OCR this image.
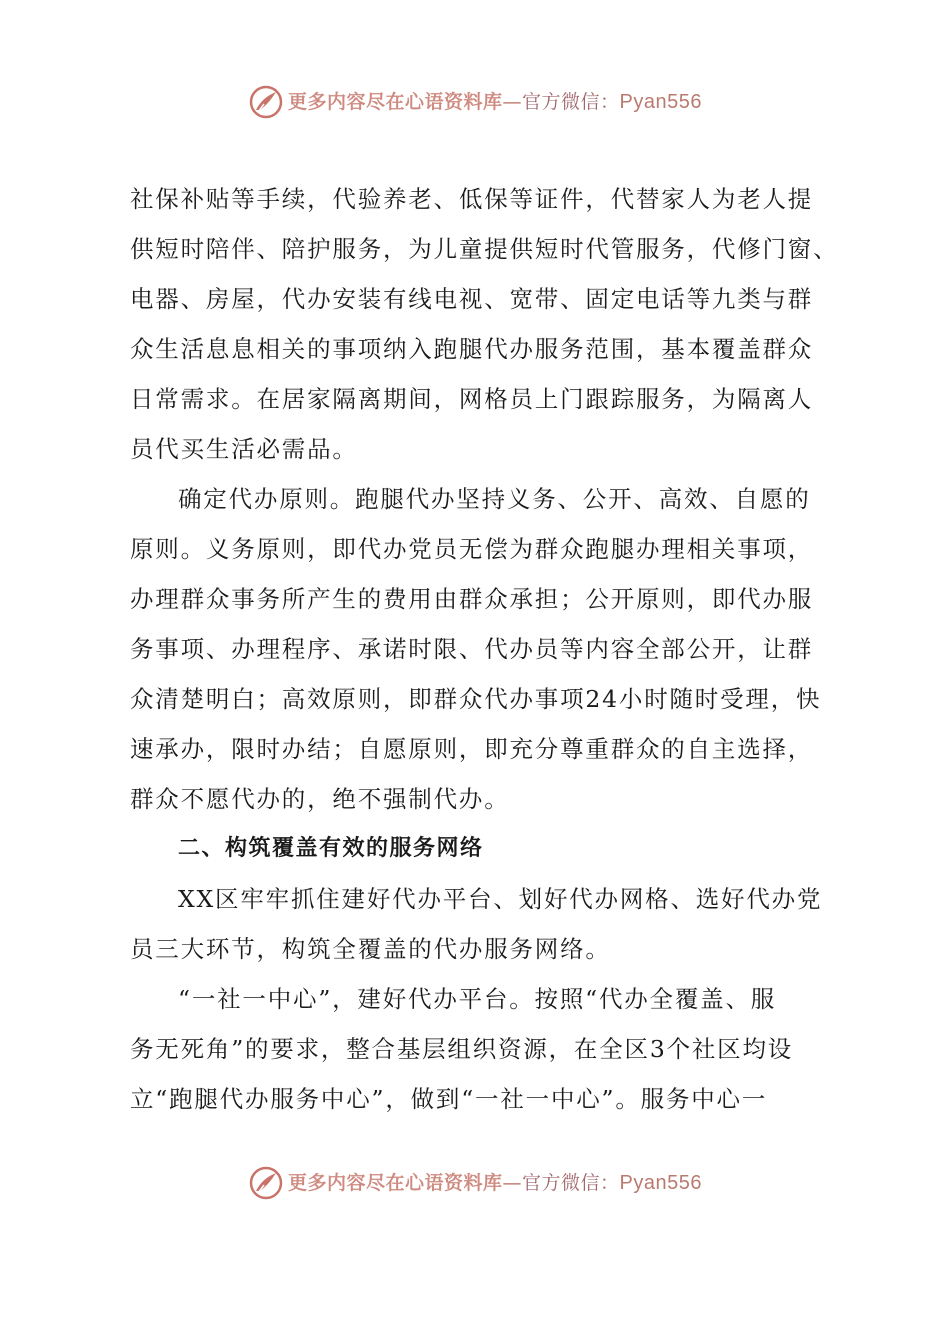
更多内容尽在心语资料库—官方微信：Pyan556
社保补贴等手续，代验养老、低保等证件，代替家人为老人提
供短时陪伴、陪护服务，为儿童提供短时代管服务，代修门窗、
电器、房屋，代办安装有线电视、宽带、固定电话等九类与群
众生活息息相关的事项纳入跑腿代办服务范围，基本覆盖群众
日常需求。在居家隔离期间，网格员上门跟踪服务，为隔离人
员代买生活必需品。
确定代办原则。跑腿代办坚持义务、公开、高效、自愿的
原则。义务原则，即代办党员无偿为群众跑腿办理相关事项，
办理群众事务所产生的费用由群众承担；公开原则，即代办服
务事项、办理程序、承诺时限、代办员等内容全部公开，让群
众清楚明白；高效原则，即群众代办事项24小时随时受理，快
速承办，限时办结；自愿原则，即充分尊重群众的自主选择，
群众不愿代办的，绝不强制代办。
二、构筑覆盖有效的服务网络
XX区牢牢抓住建好代办平台、划好代办网格、选好代办党
员三大环节，构筑全覆盖的代办服务网络。
“一社一中心”，建好代办平台。按照“代办全覆盖、服
务无死角”的要求，整合基层组织资源，在全区3个社区均设
立“跑腿代办服务中心”，做到“一社一中心”。服务中心一
更多内容尽在心语资料库—官方微信：Pyan556
